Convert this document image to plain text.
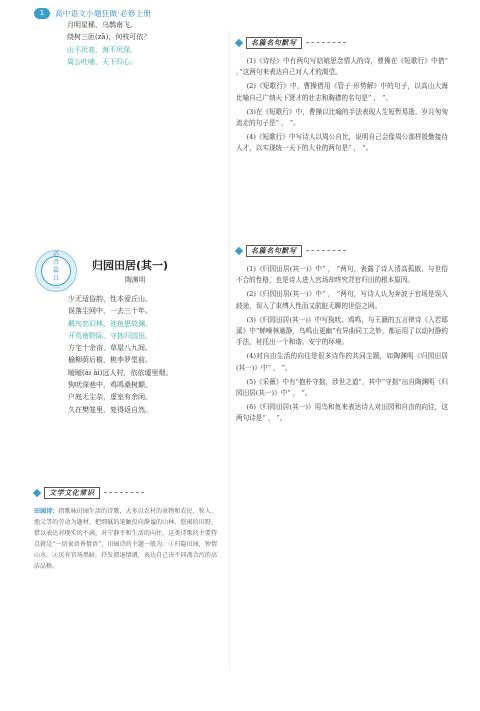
1	高中语文小题狂做·必修上册
月明星稀，乌鹊南飞。
绕树三匝(zā)，何枝可依？
山不厌高，海不厌深。
周公吐哺，天下归心。
名篇名句默写

(1)《诗经》中有两句写姑娘思念情人的诗，曹操在《短歌行》中借“ ，”这两句来表达自己对人才的渴望。

(2)《短歌行》中，曹操借用《管子·形势解》中的句子，以高山大海比喻自己广纳天下贤才的壮志和胸襟的名句是“ ， ”。

(3)在《短歌行》中，曹操以比喻的手法表现人生短暂易逝、岁月匆匆流走的句子是“ ， ”。

(4)《短歌行》中写诗人以周公自比，说明自己会像周公那样殷勤接待人才，以实现统一天下的大业的两句是“ ， ”。

名篇名句默写

(1)《归园田居(其一)》中“ ， ”两句，表露了诗人清高孤傲、与世俗不合的性格，也是诗人进入官场却终究背官归田的根本原因。

(2)《归园田居(其一)》中“ ， ”两句，写诗人认为奔波于官场是误入歧途，误入了束缚人性而又肮脏无聊的世俗之网。

(3)《归园田居(其一)》中写狗吠、鸡鸣，与王籍的五言律诗《入若耶溪》中“蝉噪林逾静，鸟鸣山更幽”有异曲同工之妙，都运用了以动衬静的手法，衬托出一个和谐、安宁的环境。

(4)对自由生活的向往是很多诗作的共同主题，如陶渊明《归园田居(其一)》中“ ， ”。

(5)《采薇》中有“抱朴守拙，涉世之道”，其中“守拙”出自陶渊明《归园田居(其一)》中“ ， ”。

(6)《归园田居(其一)》用鸟和鱼来表达诗人对田园和自由的向往，这两句诗是“ ， ”。

必
背
篇
目
三
归园田居(其一)
陶渊明
少无适俗韵，性本爱丘山。
误落尘网中，一去三十年。
羁鸟恋旧林，池鱼思故渊。
开荒南野际，守拙归园田。
方宅十余亩，草屋八九间。
榆柳荫后檐，桃李罗堂前。
暧暧(ài ài)远人村，依依墟里烟。
狗吠深巷中，鸡鸣桑树颠。
户庭无尘杂，虚室有余闲。
久在樊笼里，复得返自然。
文学文化常识
田园诗：指歌咏田园生活的诗歌，大多以农村的景物和农民、牧人、渔父等的劳动为题材。把细腻的笔触投向静谧的山林、悠闲的田野，借以表达对现实的不满，对宁静平和生活的向往。这类诗歌的主要特点就是“一切景语皆情语”，田园诗的主题一般为：①归隐田园，钟情山水。②厌弃官场黑暗，抒发阅退情调，表达自己决不同流合污的高洁品格。
